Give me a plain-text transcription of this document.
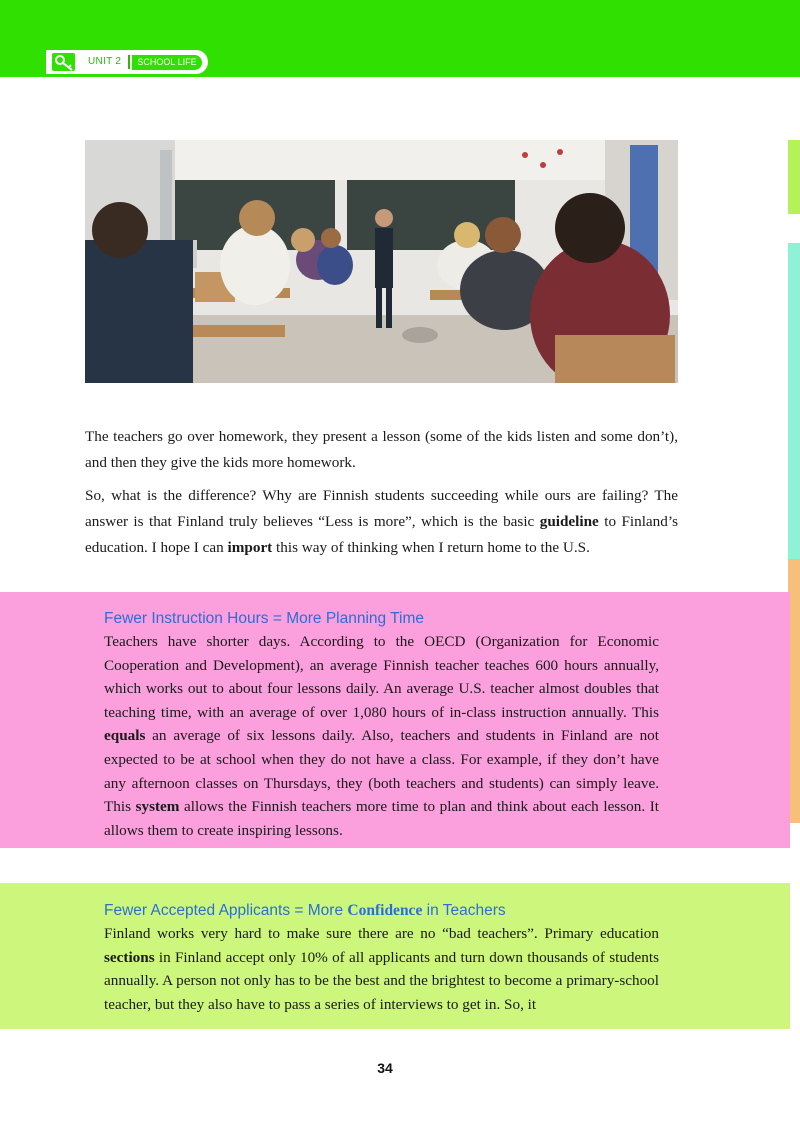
UNIT 2	SCHOOL LIFE

The teachers go over homework, they present a lesson (some of the kids listen and some don’t), and then they give the kids more homework.

So, what is the difference? Why are Finnish students succeeding while ours are failing? The answer is that Finland truly believes “Less is more”, which is the basic guideline to Finland’s education. I hope I can import this way of thinking when I return home to the U.S.

Fewer Instruction Hours = More Planning Time

Teachers have shorter days. According to the OECD (Organization for Economic Cooperation and Development), an average Finnish teacher teaches 600 hours annually, which works out to about four lessons daily. An average U.S. teacher almost doubles that teaching time, with an average of over 1,080 hours of in-class instruction annually. This equals an average of six lessons daily. Also, teachers and students in Finland are not expected to be at school when they do not have a class. For example, if they don’t have any afternoon classes on Thursdays, they (both teachers and students) can simply leave. This system allows the Finnish teachers more time to plan and think about each lesson. It allows them to create inspiring lessons.

Fewer Accepted Applicants = More Confidence in Teachers

Finland works very hard to make sure there are no “bad teachers”. Primary education sections in Finland accept only 10% of all applicants and turn down thousands of students annually. A person not only has to be the best and the brightest to become a primary-school teacher, but they also have to pass a series of interviews to get in. So, it

34
